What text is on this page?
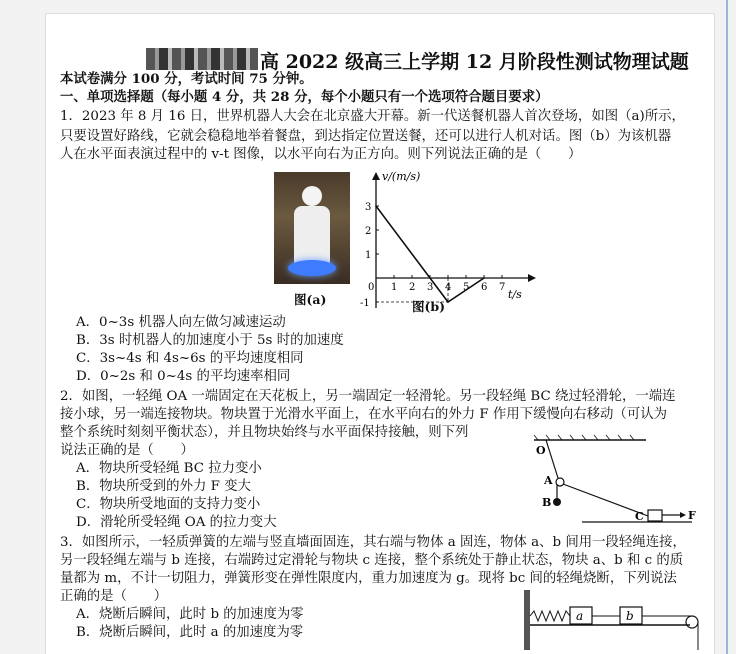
高 2022 级高三上学期 12 月阶段性测试物理试题
本试卷满分 100 分，考试时间 75 分钟。
一、单项选择题（每小题 4 分，共 28 分，每个小题只有一个选项符合题目要求）
1．2023 年 8 月 16 日，世界机器人大会在北京盛大开幕。新一代送餐机器人首次登场，如图（a)所示，
只要设置好路线，它就会稳稳地举着餐盘，到达指定位置送餐，还可以进行人机对话。图（b）为该机器
人在水平面表演过程中的 v-t 图像，以水平向右为正方向。则下列说法正确的是（　　）
图(a)
v/(m/s)
t/s
0 1 2 3 4 5 6 7
3
2
1
-1	图(b)
A．0~3s 机器人向左做匀减速运动
B．3s 时机器人的加速度小于 5s 时的加速度
C．3s~4s 和 4s~6s 的平均速度相同
D．0~2s 和 0~4s 的平均速率相同
2．如图，一轻绳 OA 一端固定在天花板上，另一端固定一轻滑轮。另一段轻绳 BC 绕过轻滑轮，一端连
接小球，另一端连接物块。物块置于光滑水平面上，在水平向右的外力 F 作用下缓慢向右移动（可认为
整个系统时刻刻平衡状态），并且物块始终与水平面保持接触，则下列
说法正确的是（　　）	O
A
B
C	F
A．物块所受轻绳 BC 拉力变小
B．物块所受到的外力 F 变大
C．物块所受地面的支持力变小
D．滑轮所受轻绳 OA 的拉力变大
3．如图所示，一轻质弹簧的左端与竖直墙面固连，其右端与物体 a 固连，物体 a、b 间用一段轻绳连接，
另一段轻绳左端与 b 连接，右端跨过定滑轮与物块 c 连接，整个系统处于静止状态，物块 a、b 和 c 的质
量都为 m，不计一切阻力，弹簧形变在弹性限度内，重力加速度为 g。现将 bc 间的轻绳烧断，下列说法
正确的是（　　）
a	b
A．烧断后瞬间，此时 b 的加速度为零
B．烧断后瞬间，此时 a 的加速度为零
